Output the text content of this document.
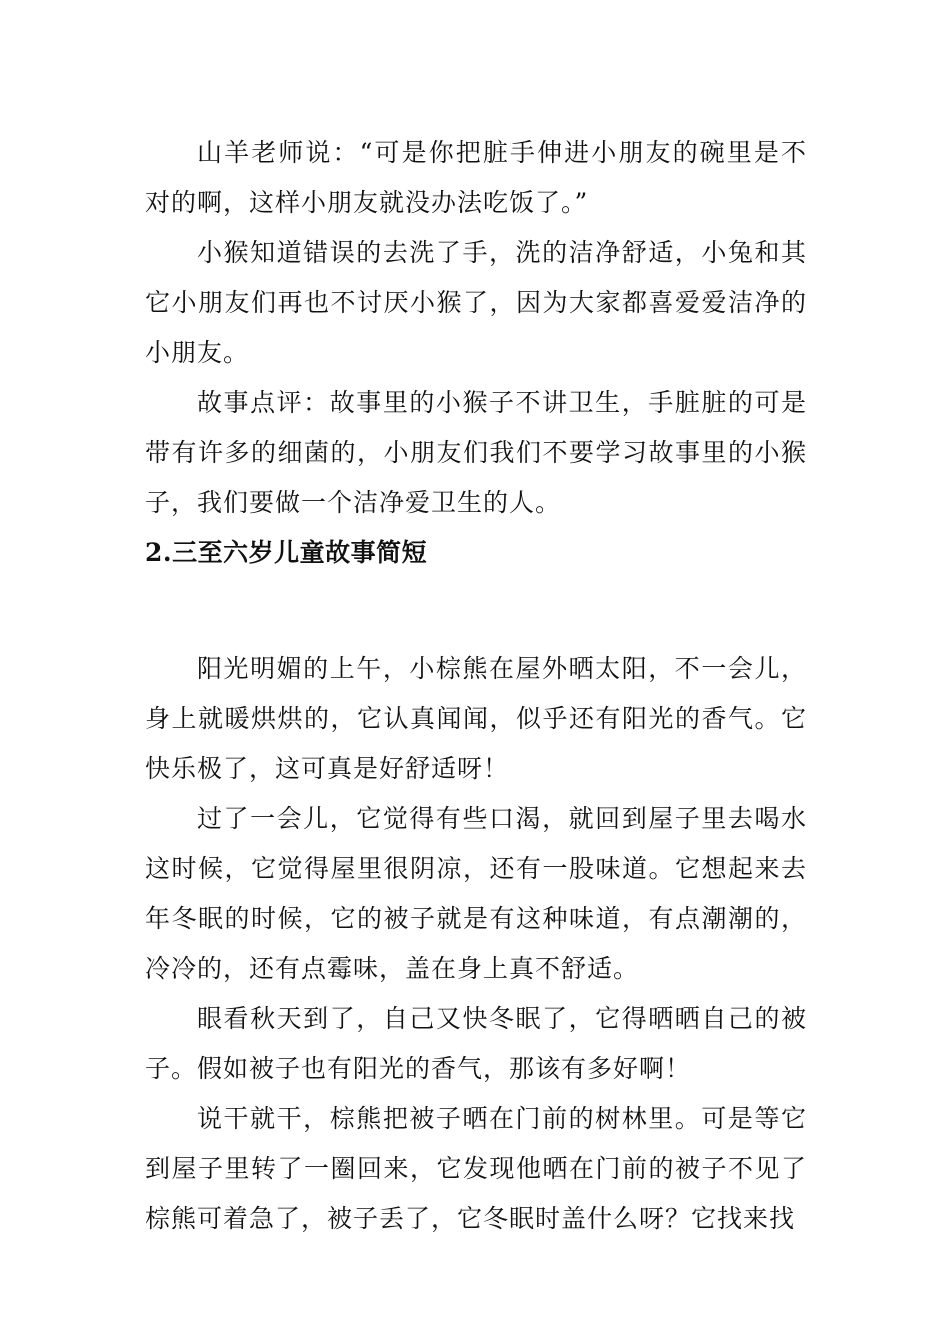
山羊老师说：“可是你把脏手伸进小朋友的碗里是不对的啊，这样小朋友就没办法吃饭了。”

小猴知道错误的去洗了手，洗的洁净舒适，小兔和其它小朋友们再也不讨厌小猴了，因为大家都喜爱爱洁净的小朋友。

故事点评：故事里的小猴子不讲卫生，手脏脏的可是带有许多的细菌的，小朋友们我们不要学习故事里的小猴子，我们要做一个洁净爱卫生的人。

2.三至六岁儿童故事简短

阳光明媚的上午，小棕熊在屋外晒太阳，不一会儿，身上就暖烘烘的，它认真闻闻，似乎还有阳光的香气。它快乐极了，这可真是好舒适呀！

过了一会儿，它觉得有些口渴，就回到屋子里去喝水这时候，它觉得屋里很阴凉，还有一股味道。它想起来去年冬眠的时候，它的被子就是有这种味道，有点潮潮的，冷冷的，还有点霉味，盖在身上真不舒适。

眼看秋天到了，自己又快冬眠了，它得晒晒自己的被子。假如被子也有阳光的香气，那该有多好啊！

说干就干，棕熊把被子晒在门前的树林里。可是等它到屋子里转了一圈回来，它发现他晒在门前的被子不见了棕熊可着急了，被子丢了，它冬眠时盖什么呀？它找来找
